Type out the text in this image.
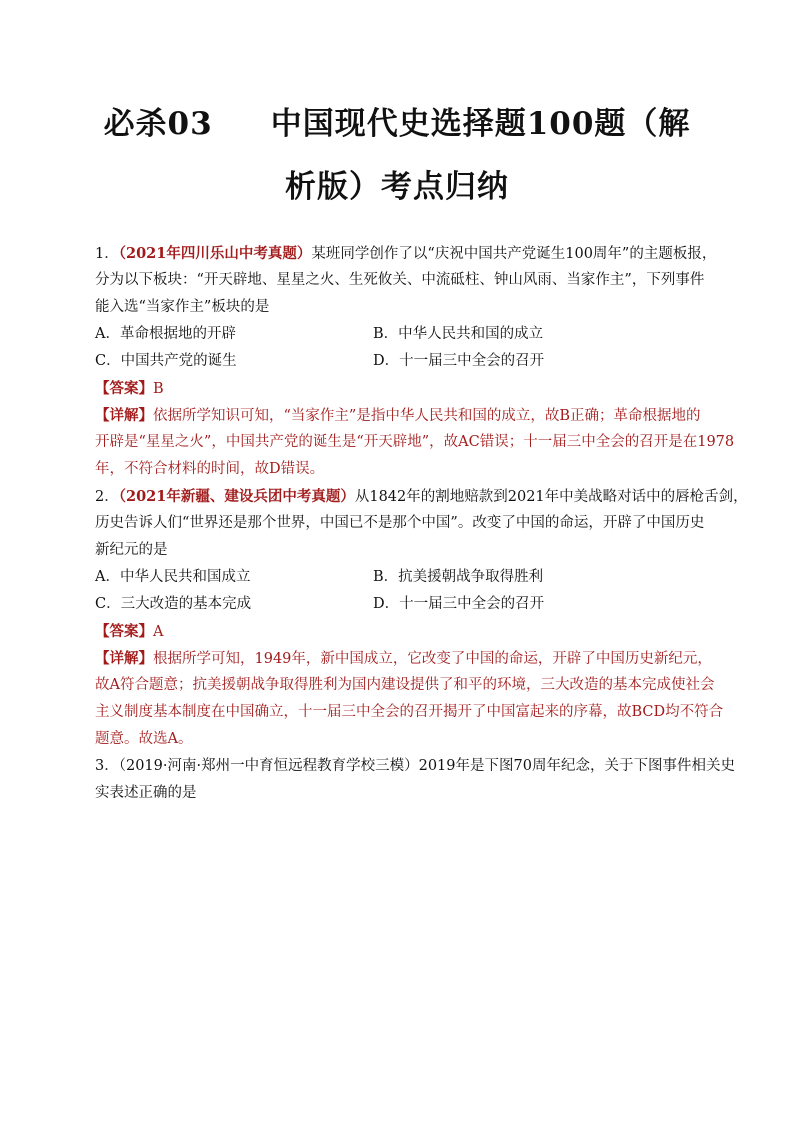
必杀03 中国现代史选择题100题（解
析版）考点归纳
1．（2021年四川乐山中考真题）某班同学创作了以“庆祝中国共产党诞生100周年”的主题板报，
分为以下板块：“开天辟地、星星之火、生死攸关、中流砥柱、钟山风雨、当家作主”，下列事件
能入选“当家作主”板块的是
A．革命根据地的开辟	B．中华人民共和国的成立
C．中国共产党的诞生	D．十一届三中全会的召开
【答案】B
【详解】依据所学知识可知，“当家作主”是指中华人民共和国的成立，故B正确；革命根据地的
开辟是“星星之火”，中国共产党的诞生是“开天辟地”，故AC错误；十一届三中全会的召开是在1978
年，不符合材料的时间，故D错误。
2．（2021年新疆、建设兵团中考真题）从1842年的割地赔款到2021年中美战略对话中的唇枪舌剑，
历史告诉人们“世界还是那个世界，中国已不是那个中国”。改变了中国的命运，开辟了中国历史
新纪元的是
A．中华人民共和国成立	B．抗美援朝战争取得胜利
C．三大改造的基本完成	D．十一届三中全会的召开
【答案】A
【详解】根据所学可知，1949年，新中国成立，它改变了中国的命运，开辟了中国历史新纪元，
故A符合题意；抗美援朝战争取得胜利为国内建设提供了和平的环境，三大改造的基本完成使社会
主义制度基本制度在中国确立，十一届三中全会的召开揭开了中国富起来的序幕，故BCD均不符合
题意。故选A。
3．（2019·河南·郑州一中育恒远程教育学校三模）2019年是下图70周年纪念，关于下图事件相关史
实表述正确的是
